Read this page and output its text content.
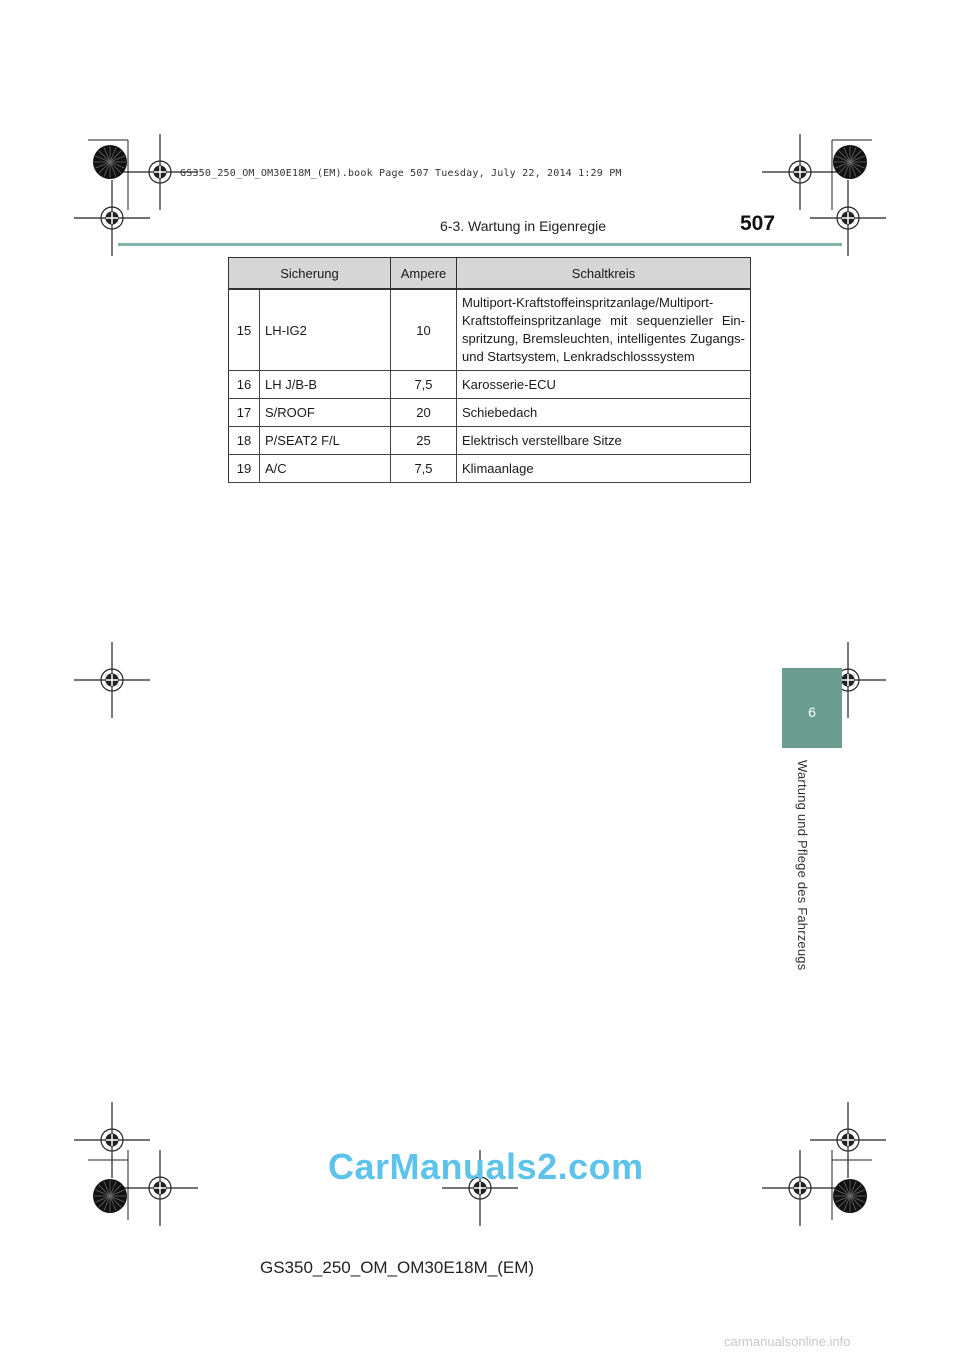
GS350_250_OM_OM30E18M_(EM).book Page 507 Tuesday, July 22, 2014 1:29 PM
6-3. Wartung in Eigenregie	507
Sicherung		Ampere	Schaltkreis
15	LH-IG2	10	Multiport-Kraftstoffeinspritzanlage/Multiport-Kraftstoffeinspritzanlage mit sequenzieller Ein-spritzung, Bremsleuchten, intelligentes Zugangs- und Startsystem, Lenkradschlosssystem
16	LH J/B-B	7,5	Karosserie-ECU
17	S/ROOF	20	Schiebedach
18	P/SEAT2 F/L	25	Elektrisch verstellbare Sitze
19	A/C	7,5	Klimaanlage
6
Wartung und Pflege des Fahrzeugs
CarManuals2.com
GS350_250_OM_OM30E18M_(EM)
carmanualsonline.info
